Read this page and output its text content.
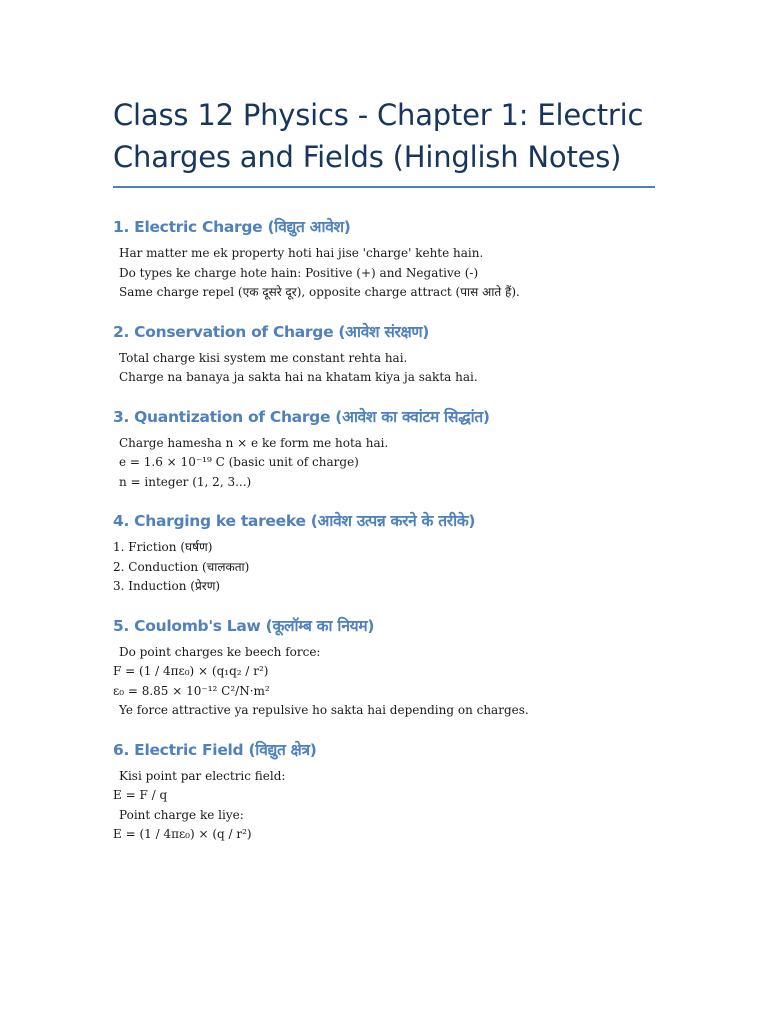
Class 12 Physics - Chapter 1: Electric Charges and Fields (Hinglish Notes)
1. Electric Charge (विद्युत आवेश)

Har matter me ek property hoti hai jise 'charge' kehte hain.

Do types ke charge hote hain: Positive (+) and Negative (-)

Same charge repel (एक दूसरे दूर), opposite charge attract (पास आते हैं).

2. Conservation of Charge (आवेश संरक्षण)

Total charge kisi system me constant rehta hai.

Charge na banaya ja sakta hai na khatam kiya ja sakta hai.

3. Quantization of Charge (आवेश का क्वांटम सिद्धांत)

Charge hamesha n × e ke form me hota hai.

e = 1.6 × 10⁻¹⁹ C (basic unit of charge)

n = integer (1, 2, 3...)

4. Charging ke tareeke (आवेश उत्पन्न करने के तरीके)

1. Friction (घर्षण)

2. Conduction (चालकता)

3. Induction (प्रेरण)

5. Coulomb's Law (कूलॉम्ब का नियम)

Do point charges ke beech force:

F = (1 / 4πε₀) × (q₁q₂ / r²)

ε₀ = 8.85 × 10⁻¹² C²/N·m²

Ye force attractive ya repulsive ho sakta hai depending on charges.

6. Electric Field (विद्युत क्षेत्र)

Kisi point par electric field:

E = F / q

Point charge ke liye:

E = (1 / 4πε₀) × (q / r²)
